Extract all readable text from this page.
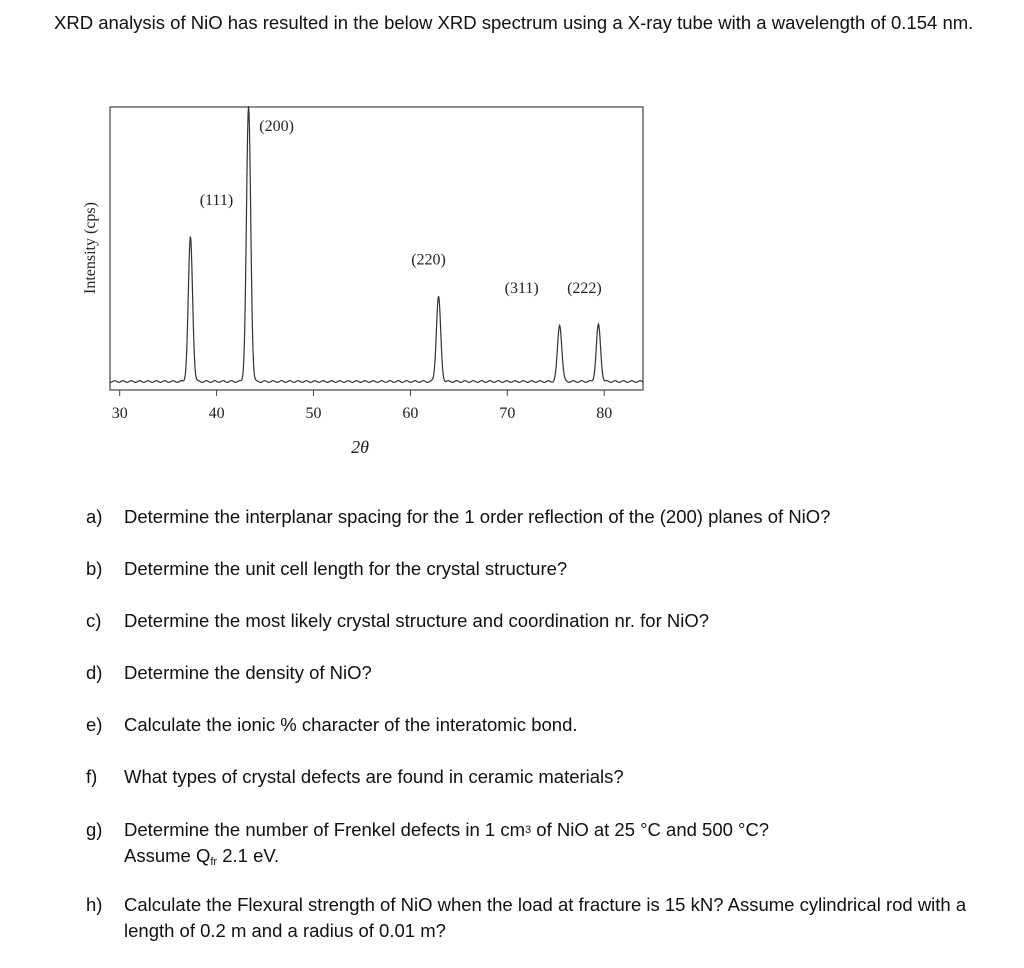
XRD analysis of NiO has resulted in the below XRD spectrum using a X-ray tube with a wavelength of 0.154 nm.

30	40	50	60	70	80
(111)
(200)
(220)
(311) (222)
2θ
Intensity (cps)
a)	Determine the interplanar spacing for the 1 order reflection of the (200) planes of NiO?
b)	Determine the unit cell length for the crystal structure?
c)	Determine the most likely crystal structure and coordination nr. for NiO?
d)	Determine the density of NiO?
e)	Calculate the ionic % character of the interatomic bond.
f)	What types of crystal defects are found in ceramic materials?
g)	Determine the number of Frenkel defects in 1 $cm^3$ of NiO at 25 °C and 500 °C?
Assume $Q_{fr}$ 2.1 eV.
h)	Calculate the Flexural strength of NiO when the load at fracture is 15 kN? Assume cylindrical rod with a length of 0.2 m and a radius of 0.01 m?
